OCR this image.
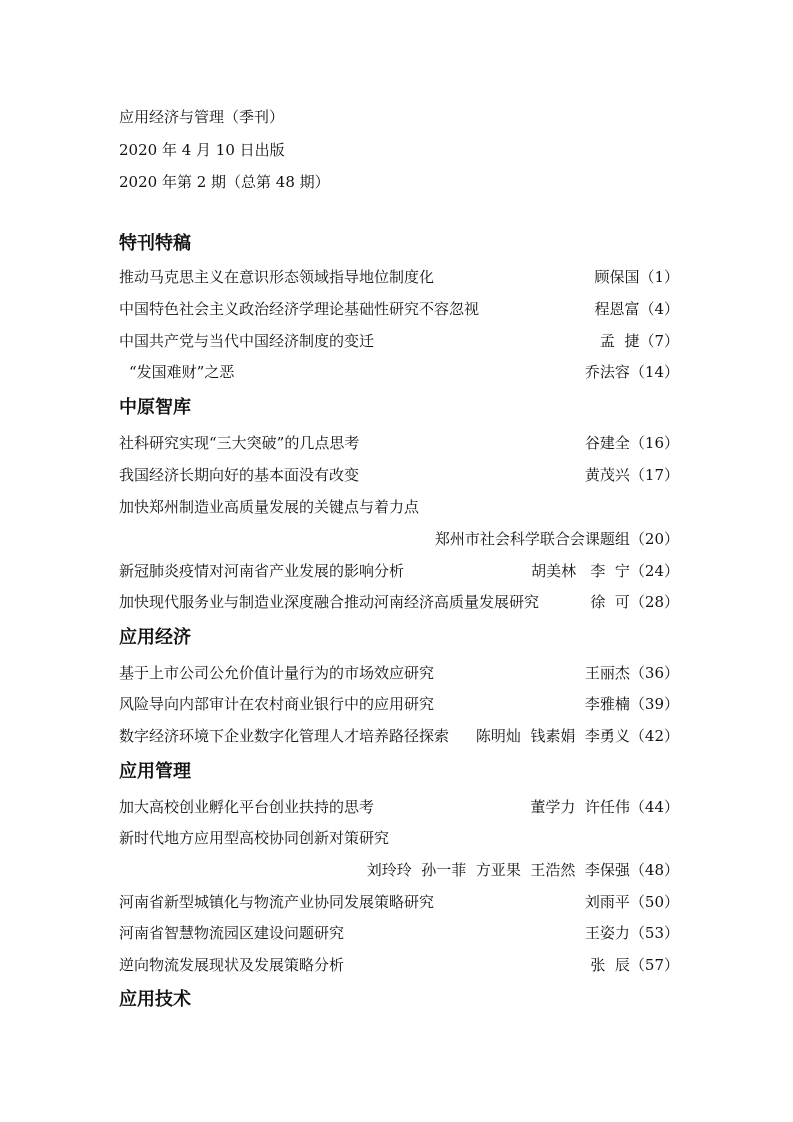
应用经济与管理（季刊）
2020 年 4 月 10 日出版
2020 年第 2 期（总第 48 期）
特刊特稿
推动马克思主义在意识形态领域指导地位制度化	顾保国（1）
中国特色社会主义政治经济学理论基础性研究不容忽视	程恩富（4）
中国共产党与当代中国经济制度的变迁	孟  捷（7）
“发国难财”之恶	乔法容（14）
中原智库
社科研究实现“三大突破”的几点思考	谷建全（16）
我国经济长期向好的基本面没有改变	黄茂兴（17）
加快郑州制造业高质量发展的关键点与着力点
郑州市社会科学联合会课题组（20）
新冠肺炎疫情对河南省产业发展的影响分析	胡美林   李  宁（24）
加快现代服务业与制造业深度融合推动河南经济高质量发展研究	徐  可（28）
应用经济
基于上市公司公允价值计量行为的市场效应研究	王丽杰（36）
风险导向内部审计在农村商业银行中的应用研究	李雅楠（39）
数字经济环境下企业数字化管理人才培养路径探索 陈明灿  钱素娟  李勇义（42）
应用管理
加大高校创业孵化平台创业扶持的思考	董学力  许任伟（44）
新时代地方应用型高校协同创新对策研究
刘玲玲  孙一菲  方亚果  王浩然  李保强（48）
河南省新型城镇化与物流产业协同发展策略研究	刘雨平（50）
河南省智慧物流园区建设问题研究	王姿力（53）
逆向物流发展现状及发展策略分析	张  辰（57）
应用技术
